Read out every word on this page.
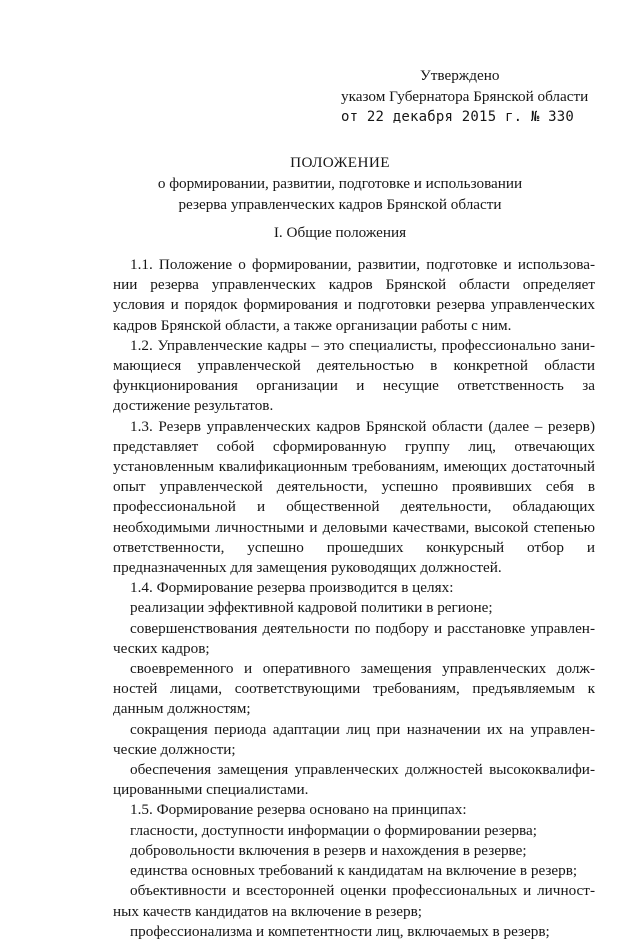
Утверждено
указом Губернатора Брянской области
от 22 декабря 2015 г. № 330
ПОЛОЖЕНИЕ
о формировании, развитии, подготовке и использовании
резерва управленческих кадров Брянской области
I. Общие положения

1.1. Положение о формировании, развитии, подготовке и использовании резерва управленческих кадров Брянской области определяет условия и порядок формирования и подготовки резерва управленческих кадров Брянской области, а также организации работы с ним.

1.2. Управленческие кадры – это специалисты, профессионально занимающиеся управленческой деятельностью в конкретной области функционирования организации и несущие ответственность за достижение результатов.

1.3. Резерв управленческих кадров Брянской области (далее – резерв) представляет собой сформированную группу лиц, отвечающих установленным квалификационным требованиям, имеющих достаточный опыт управленческой деятельности, успешно проявивших себя в профессиональной и общественной деятельности, обладающих необходимыми личностными и деловыми качествами, высокой степенью ответственности, успешно прошедших конкурсный отбор и предназначенных для замещения руководящих должностей.

1.4. Формирование резерва производится в целях:

реализации эффективной кадровой политики в регионе;

совершенствования деятельности по подбору и расстановке управленческих кадров;

своевременного и оперативного замещения управленческих должностей лицами, соответствующими требованиям, предъявляемым к данным должностям;

сокращения периода адаптации лиц при назначении их на управленческие должности;

обеспечения замещения управленческих должностей высококвалифицированными специалистами.

1.5. Формирование резерва основано на принципах:

гласности, доступности информации о формировании резерва;

добровольности включения в резерв и нахождения в резерве;

единства основных требований к кандидатам на включение в резерв;

объективности и всесторонней оценки профессиональных и личностных качеств кандидатов на включение в резерв;

профессионализма и компетентности лиц, включаемых в резерв;
